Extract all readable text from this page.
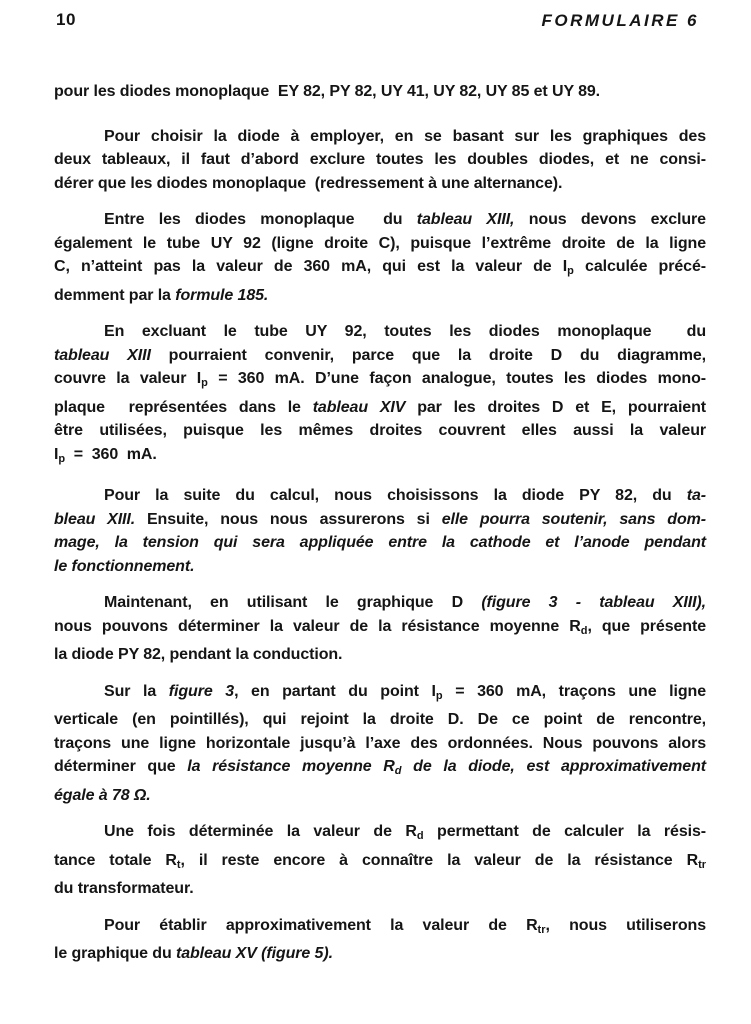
10	FORMULAIRE 6
pour les diodes monoplaque  EY 82, PY 82, UY 41, UY 82, UY 85 et UY 89.
Pour choisir la diode à employer, en se basant sur les graphiques des
deux tableaux, il faut d’abord exclure toutes les doubles diodes, et ne consi-
dérer que les diodes monoplaque  (redressement à une alternance).
Entre les diodes monoplaque  du tableau XIII, nous devons exclure
également le tube UY 92 (ligne droite C), puisque l’extrême droite de la ligne
C, n’atteint pas la valeur de 360 mA, qui est la valeur de $I_p$ calculée précé-
demment par la formule 185.
En excluant le tube UY 92, toutes les diodes monoplaque  du
tableau XIII pourraient convenir, parce que la droite D du diagramme,
couvre la valeur $I_p = 360$ mA. D’une façon analogue, toutes les diodes mono-
plaque  représentées dans le tableau XIV par les droites D et E, pourraient
être utilisées, puisque les mêmes droites couvrent elles aussi la valeur
$I_p = 360$  mA.
Pour la suite du calcul, nous choisissons la diode PY 82, du ta-
bleau XIII. Ensuite, nous nous assurerons si elle pourra soutenir, sans dom-
mage, la tension qui sera appliquée entre la cathode et l’anode pendant
le fonctionnement.
Maintenant, en utilisant le graphique D (figure 3 - tableau XIII),
nous pouvons déterminer la valeur de la résistance moyenne $R_d$, que présente
la diode PY 82, pendant la conduction.
Sur la figure 3, en partant du point $I_p = 360$ mA, traçons une ligne
verticale (en pointillés), qui rejoint la droite D. De ce point de rencontre,
traçons une ligne horizontale jusqu’à l’axe des ordonnées. Nous pouvons alors
déterminer que la résistance moyenne $R_d$ de la diode, est approximativement
égale à 78 Ω.
Une fois déterminée la valeur de $R_d$ permettant de calculer la résis-
tance totale $R_t$, il reste encore à connaître la valeur de la résistance $R_{tr}$
du transformateur.
Pour établir approximativement la valeur de $R_{tr}$, nous utiliserons
le graphique du tableau XV (figure 5).
